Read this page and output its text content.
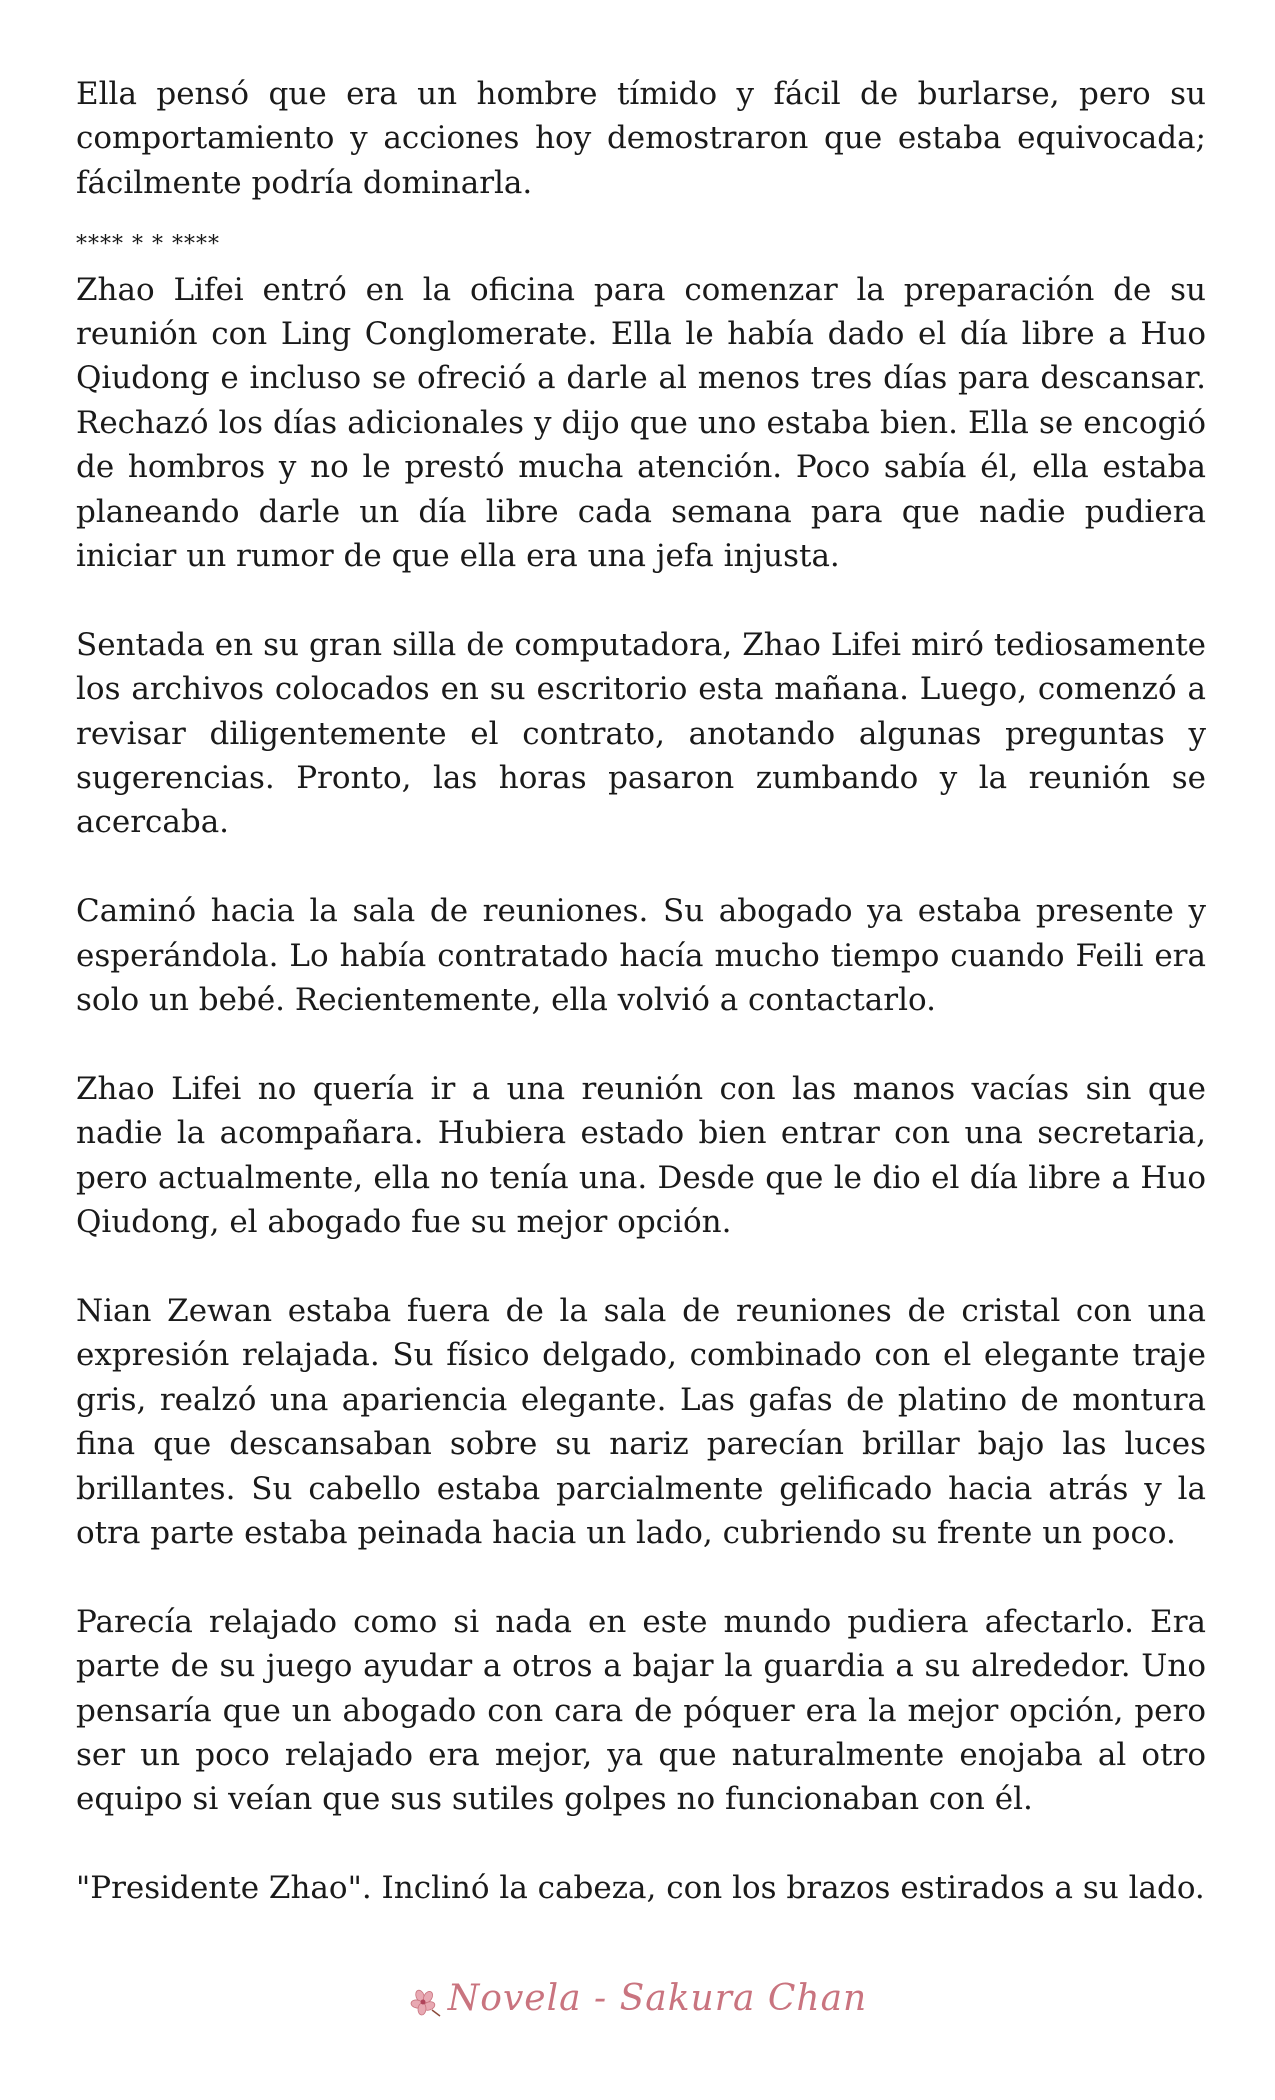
Ella pensó que era un hombre tímido y fácil de burlarse, pero su comportamiento y acciones hoy demostraron que estaba equivocada; fácilmente podría dominarla.

**** * * ****

Zhao Lifei entró en la oficina para comenzar la preparación de su reunión con Ling Conglomerate. Ella le había dado el día libre a Huo Qiudong e incluso se ofreció a darle al menos tres días para descansar. Rechazó los días adicionales y dijo que uno estaba bien. Ella se encogió de hombros y no le prestó mucha atención. Poco sabía él, ella estaba planeando darle un día libre cada semana para que nadie pudiera iniciar un rumor de que ella era una jefa injusta.

Sentada en su gran silla de computadora, Zhao Lifei miró tediosamente los archivos colocados en su escritorio esta mañana. Luego, comenzó a revisar diligentemente el contrato, anotando algunas preguntas y sugerencias. Pronto, las horas pasaron zumbando y la reunión se acercaba.

Caminó hacia la sala de reuniones. Su abogado ya estaba presente y esperándola. Lo había contratado hacía mucho tiempo cuando Feili era solo un bebé. Recientemente, ella volvió a contactarlo.

Zhao Lifei no quería ir a una reunión con las manos vacías sin que nadie la acompañara. Hubiera estado bien entrar con una secretaria, pero actualmente, ella no tenía una. Desde que le dio el día libre a Huo Qiudong, el abogado fue su mejor opción.

Nian Zewan estaba fuera de la sala de reuniones de cristal con una expresión relajada. Su físico delgado, combinado con el elegante traje gris, realzó una apariencia elegante. Las gafas de platino de montura fina que descansaban sobre su nariz parecían brillar bajo las luces brillantes. Su cabello estaba parcialmente gelificado hacia atrás y la otra parte estaba peinada hacia un lado, cubriendo su frente un poco.

Parecía relajado como si nada en este mundo pudiera afectarlo. Era parte de su juego ayudar a otros a bajar la guardia a su alrededor. Uno pensaría que un abogado con cara de póquer era la mejor opción, pero ser un poco relajado era mejor, ya que naturalmente enojaba al otro equipo si veían que sus sutiles golpes no funcionaban con él.

"Presidente Zhao". Inclinó la cabeza, con los brazos estirados a su lado.

Novela - Sakura Chan
